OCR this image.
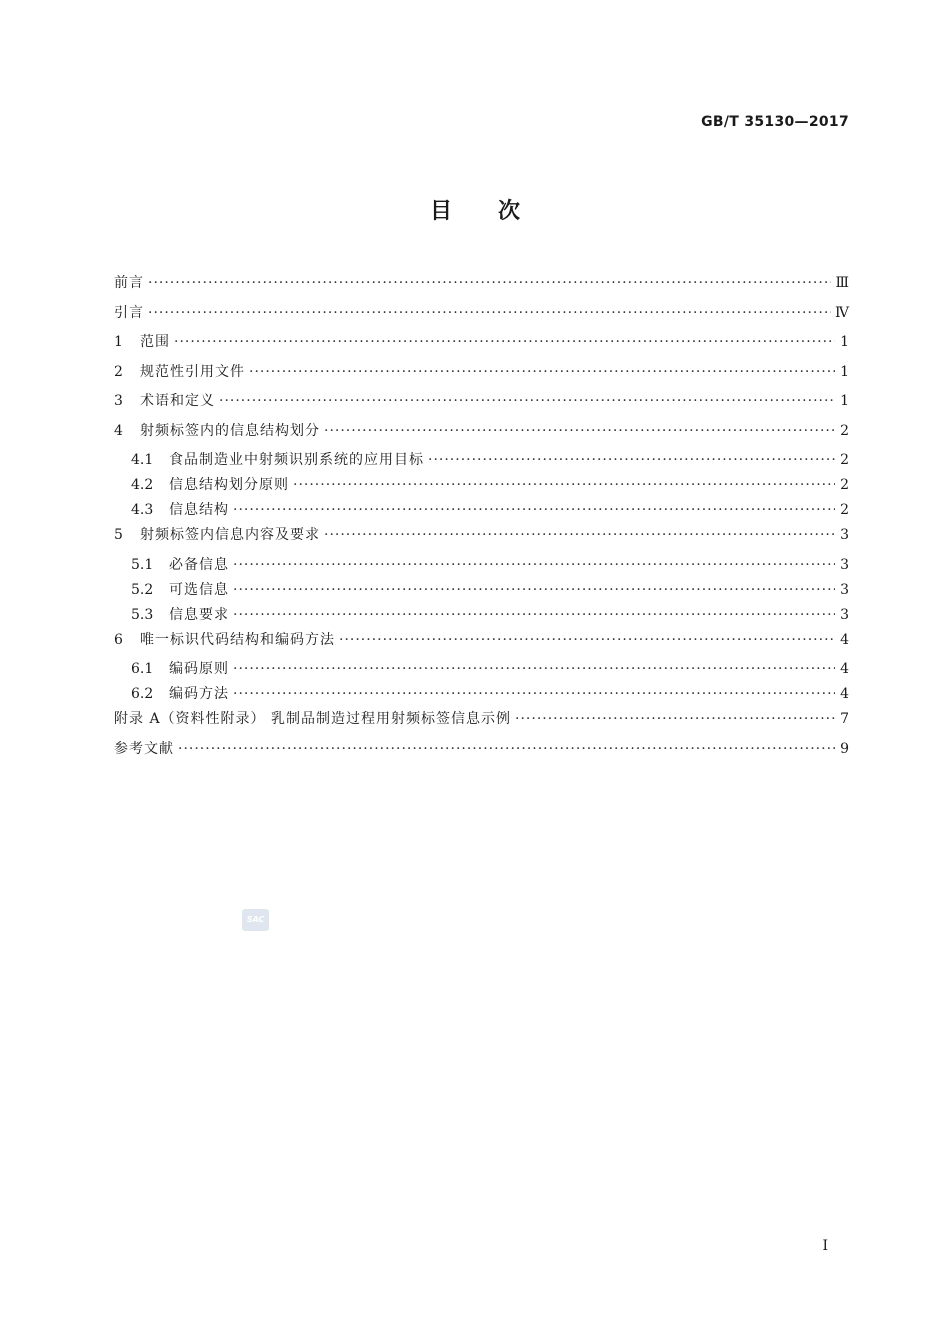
GB/T 35130—2017
目 次
前言 ·····	Ⅲ
引言 ·····	Ⅳ
1	范围 ·····	1
2	规范性引用文件 ·····	1
3	术语和定义 ·····	1
4	射频标签内的信息结构划分 ·····	2
4.1	食品制造业中射频识别系统的应用目标 ·····	2
4.2	信息结构划分原则 ·····	2
4.3	信息结构 ·····	2
5	射频标签内信息内容及要求 ·····	3
5.1	必备信息 ·····	3
5.2	可选信息 ·····	3
5.3	信息要求 ·····	3
6	唯一标识代码结构和编码方法 ·····	4
6.1	编码原则 ·····	4
6.2	编码方法 ·····	4
附录 A（资料性附录） 乳制品制造过程用射频标签信息示例 ·····	7
参考文献 ·····	9
SAC
I
